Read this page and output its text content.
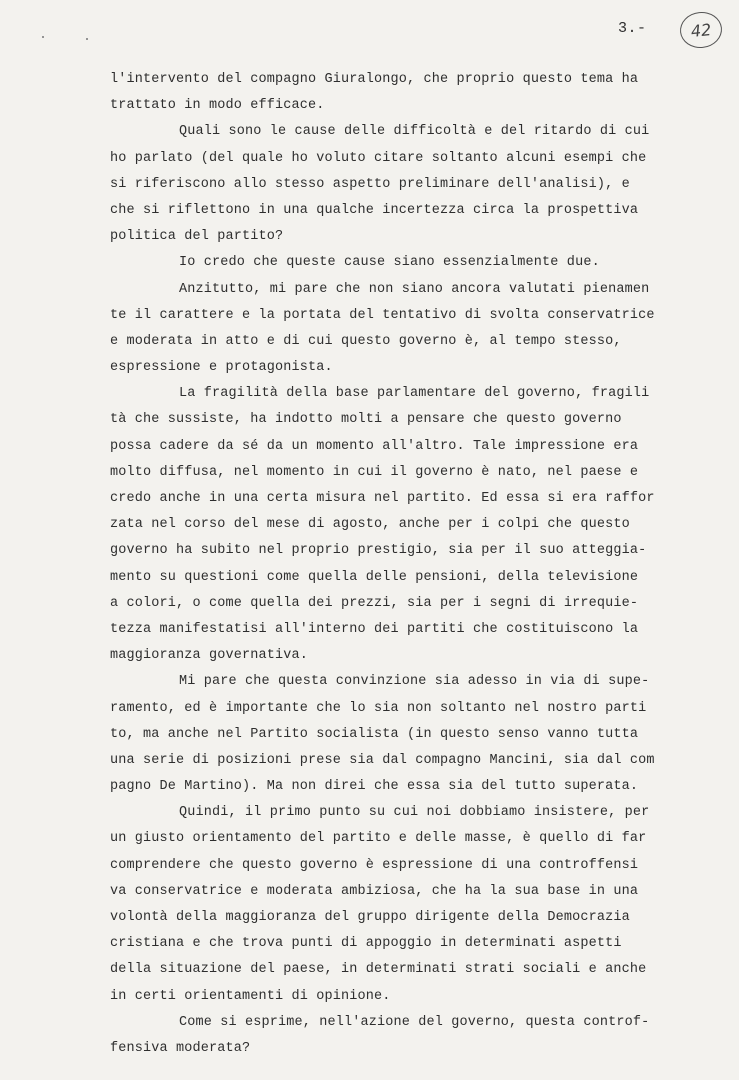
3.-	42
l'intervento del compagno Giuralongo, che proprio questo tema ha
trattato in modo efficace.
Quali sono le cause delle difficoltà e del ritardo di cui
ho parlato (del quale ho voluto citare soltanto alcuni esempi che
si riferiscono allo stesso aspetto preliminare dell'analisi), e
che si riflettono in una qualche incertezza circa la prospettiva
politica del partito?
Io credo che queste cause siano essenzialmente due.
Anzitutto, mi pare che non siano ancora valutati pienamen
te il carattere e la portata del tentativo di svolta conservatrice
e moderata in atto e di cui questo governo è, al tempo stesso,
espressione e protagonista.
La fragilità della base parlamentare del governo, fragili
tà che sussiste, ha indotto molti a pensare che questo governo
possa cadere da sé da un momento all'altro. Tale impressione era
molto diffusa, nel momento in cui il governo è nato, nel paese e
credo anche in una certa misura nel partito. Ed essa si era raffor
zata nel corso del mese di agosto, anche per i colpi che questo
governo ha subito nel proprio prestigio, sia per il suo atteggia-
mento su questioni come quella delle pensioni, della televisione
a colori, o come quella dei prezzi, sia per i segni di irrequie-
tezza manifestatisi all'interno dei partiti che costituiscono la
maggioranza governativa.
Mi pare che questa convinzione sia adesso in via di supe-
ramento, ed è importante che lo sia non soltanto nel nostro parti
to, ma anche nel Partito socialista (in questo senso vanno tutta
una serie di posizioni prese sia dal compagno Mancini, sia dal com
pagno De Martino). Ma non direi che essa sia del tutto superata.
Quindi, il primo punto su cui noi dobbiamo insistere, per
un giusto orientamento del partito e delle masse, è quello di far
comprendere che questo governo è espressione di una controffensi
va conservatrice e moderata ambiziosa, che ha la sua base in una
volontà della maggioranza del gruppo dirigente della Democrazia
cristiana e che trova punti di appoggio in determinati aspetti
della situazione del paese, in determinati strati sociali e anche
in certi orientamenti di opinione.
Come si esprime, nell'azione del governo, questa controf-
fensiva moderata?
